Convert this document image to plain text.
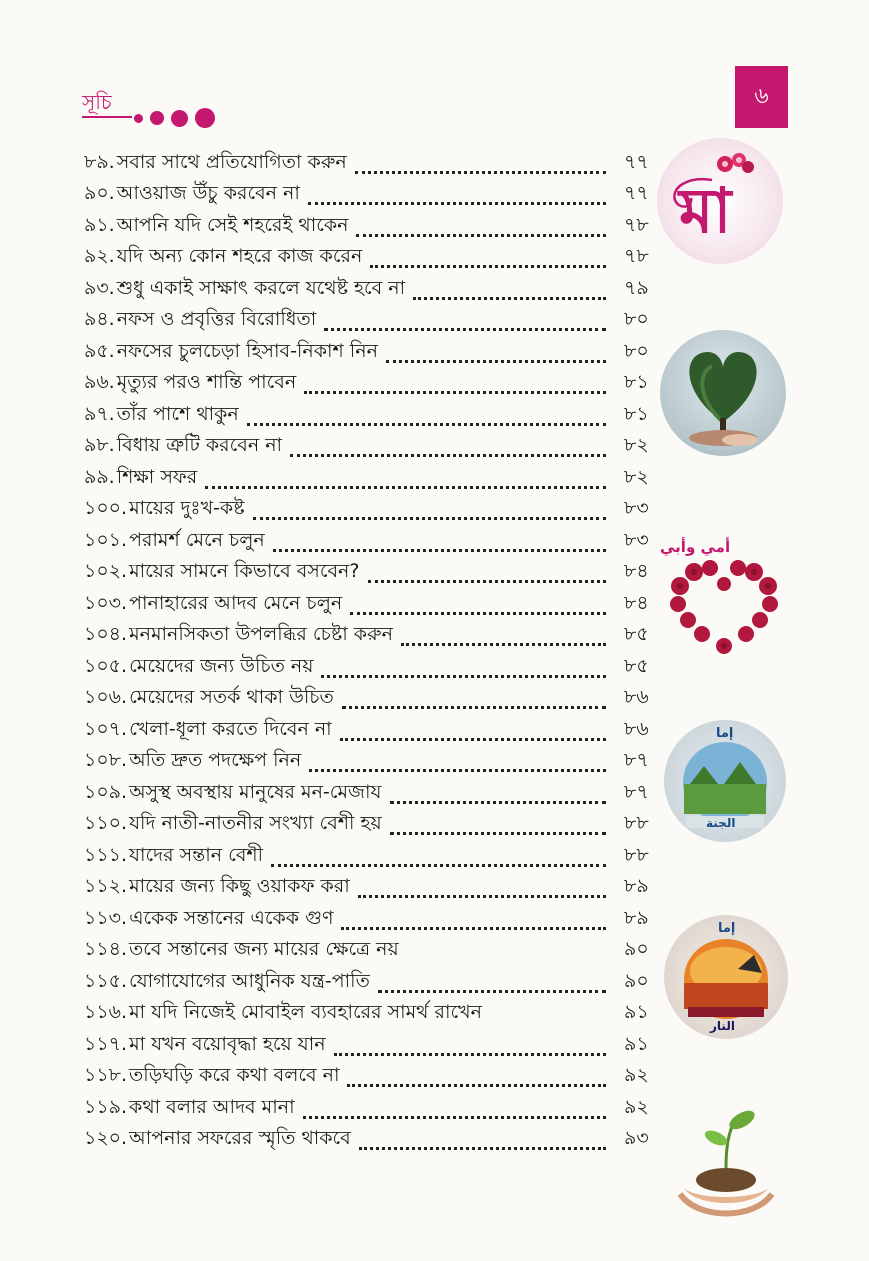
সূচি	৬
৮৯. সবার সাথে প্রতিযোগিতা করুন	৭৭
৯০. আওয়াজ উঁচু করবেন না	৭৭
৯১. আপনি যদি সেই শহরেই থাকেন	৭৮
৯২. যদি অন্য কোন শহরে কাজ করেন	৭৮
৯৩. শুধু একাই সাক্ষাৎ করলে যথেষ্ট হবে না	৭৯
৯৪. নফস ও প্রবৃত্তির বিরোধিতা	৮০
৯৫. নফসের চুলচেড়া হিসাব-নিকাশ নিন	৮০
৯৬. মৃত্যুর পরও শান্তি পাবেন	৮১
৯৭. তাঁর পাশে থাকুন	৮১
৯৮. বিধায় ত্রুটি করবেন না	৮২
৯৯. শিক্ষা সফর	৮২
১০০. মায়ের দুঃখ-কষ্ট	৮৩
১০১. পরামর্শ মেনে চলুন	৮৩
১০২. মায়ের সামনে কিভাবে বসবেন?	৮৪
১০৩. পানাহারের আদব মেনে চলুন	৮৪
১০৪. মনমানসিকতা উপলব্ধির চেষ্টা করুন	৮৫
১০৫. মেয়েদের জন্য উচিত নয়	৮৫
১০৬. মেয়েদের সতর্ক থাকা উচিত	৮৬
১০৭. খেলা-ধূলা করতে দিবেন না	৮৬
১০৮. অতি দ্রুত পদক্ষেপ নিন	৮৭
১০৯. অসুস্থ অবস্থায় মানুষের মন-মেজায	৮৭
১১০. যদি নাতী-নাতনীর সংখ্যা বেশী হয়	৮৮
১১১. যাদের সন্তান বেশী	৮৮
১১২. মায়ের জন্য কিছু ওয়াকফ করা	৮৯
১১৩. একেক সন্তানের একেক গুণ	৮৯
১১৪. তবে সন্তানের জন্য মায়ের ক্ষেত্রে নয়	৯০
১১৫. যোগাযোগের আধুনিক যন্ত্র-পাতি	৯০
১১৬. মা যদি নিজেই মোবাইল ব্যবহারের সামর্থ রাখেন	৯১
১১৭. মা যখন বয়োবৃদ্ধা হয়ে যান	৯১
১১৮. তড়িঘড়ি করে কথা বলবে না	৯২
১১৯. কথা বলার আদব মানা	৯২
১২০. আপনার সফরের স্মৃতি থাকবে	৯৩
মা
أمي وأبي
إما
الجنة
إما
النار
